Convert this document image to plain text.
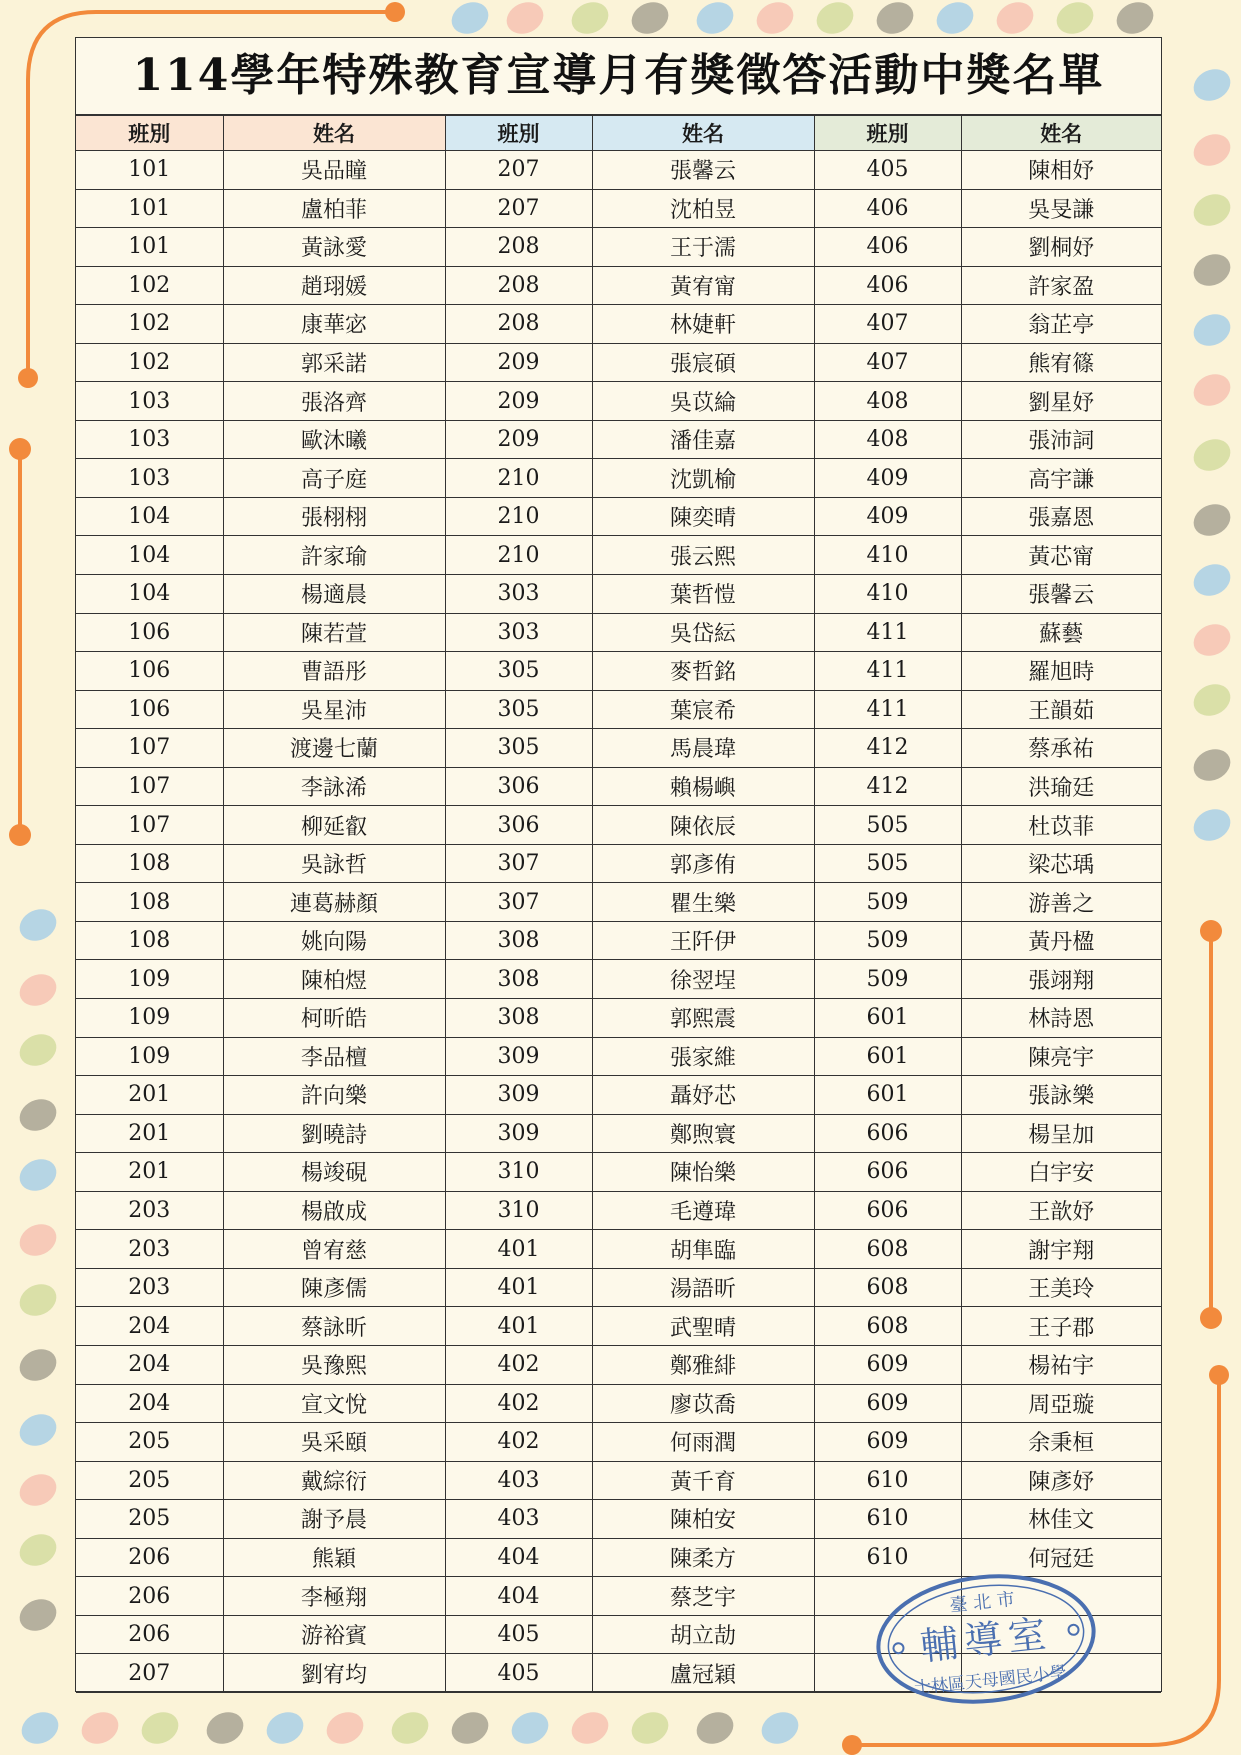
114學年特殊教育宣導月有獎徵答活動中獎名單
班別	姓名	班別	姓名	班別	姓名
101	吳品瞳	207	張馨云	405	陳相妤
101	盧柏菲	207	沈柏昱	406	吳旻謙
101	黃詠愛	208	王于濡	406	劉桐妤
102	趙珝媛	208	黃宥甯	406	許家盈
102	康華宓	208	林婕軒	407	翁芷亭
102	郭采諾	209	張宸碩	407	熊宥篠
103	張洛齊	209	吳苡綸	408	劉星妤
103	歐沐曦	209	潘佳嘉	408	張沛詞
103	高子庭	210	沈凱榆	409	高宇謙
104	張栩栩	210	陳奕晴	409	張嘉恩
104	許家瑜	210	張云熙	410	黃芯甯
104	楊適晨	303	葉哲愷	410	張馨云
106	陳若萱	303	吳岱紜	411	蘇藝
106	曹語彤	305	麥哲銘	411	羅旭時
106	吳星沛	305	葉宸希	411	王韻茹
107	渡邊七蘭	305	馬晨瑋	412	蔡承祐
107	李詠浠	306	賴楊嶼	412	洪瑜廷
107	柳延叡	306	陳依辰	505	杜苡菲
108	吳詠哲	307	郭彥侑	505	梁芯瑀
108	連葛赫顏	307	瞿生樂	509	游善之
108	姚向陽	308	王阡伊	509	黃丹楹
109	陳柏煜	308	徐翌埕	509	張翊翔
109	柯昕皓	308	郭熙震	601	林詩恩
109	李品檀	309	張家維	601	陳亮宇
201	許向樂	309	聶妤芯	601	張詠樂
201	劉曉詩	309	鄭煦寰	606	楊呈加
201	楊竣硯	310	陳怡樂	606	白宇安
203	楊啟成	310	毛遵瑋	606	王歆妤
203	曾宥慈	401	胡隼臨	608	謝宇翔
203	陳彥儒	401	湯語昕	608	王美玲
204	蔡詠昕	401	武聖晴	608	王子郡
204	吳豫熙	402	鄭雅緋	609	楊祐宇
204	宣文悅	402	廖苡喬	609	周亞璇
205	吳采頤	402	何雨潤	609	余秉桓
205	戴綜衍	403	黃千育	610	陳彥妤
205	謝予晨	403	陳柏安	610	林佳文
206	熊穎	404	陳柔方	610	何冠廷
206	李極翔	404	蔡芝宇		
206	游裕賓	405	胡立劼		
207	劉宥均	405	盧冠穎		
臺 北 市
輔導室
士林區天母國民小學
